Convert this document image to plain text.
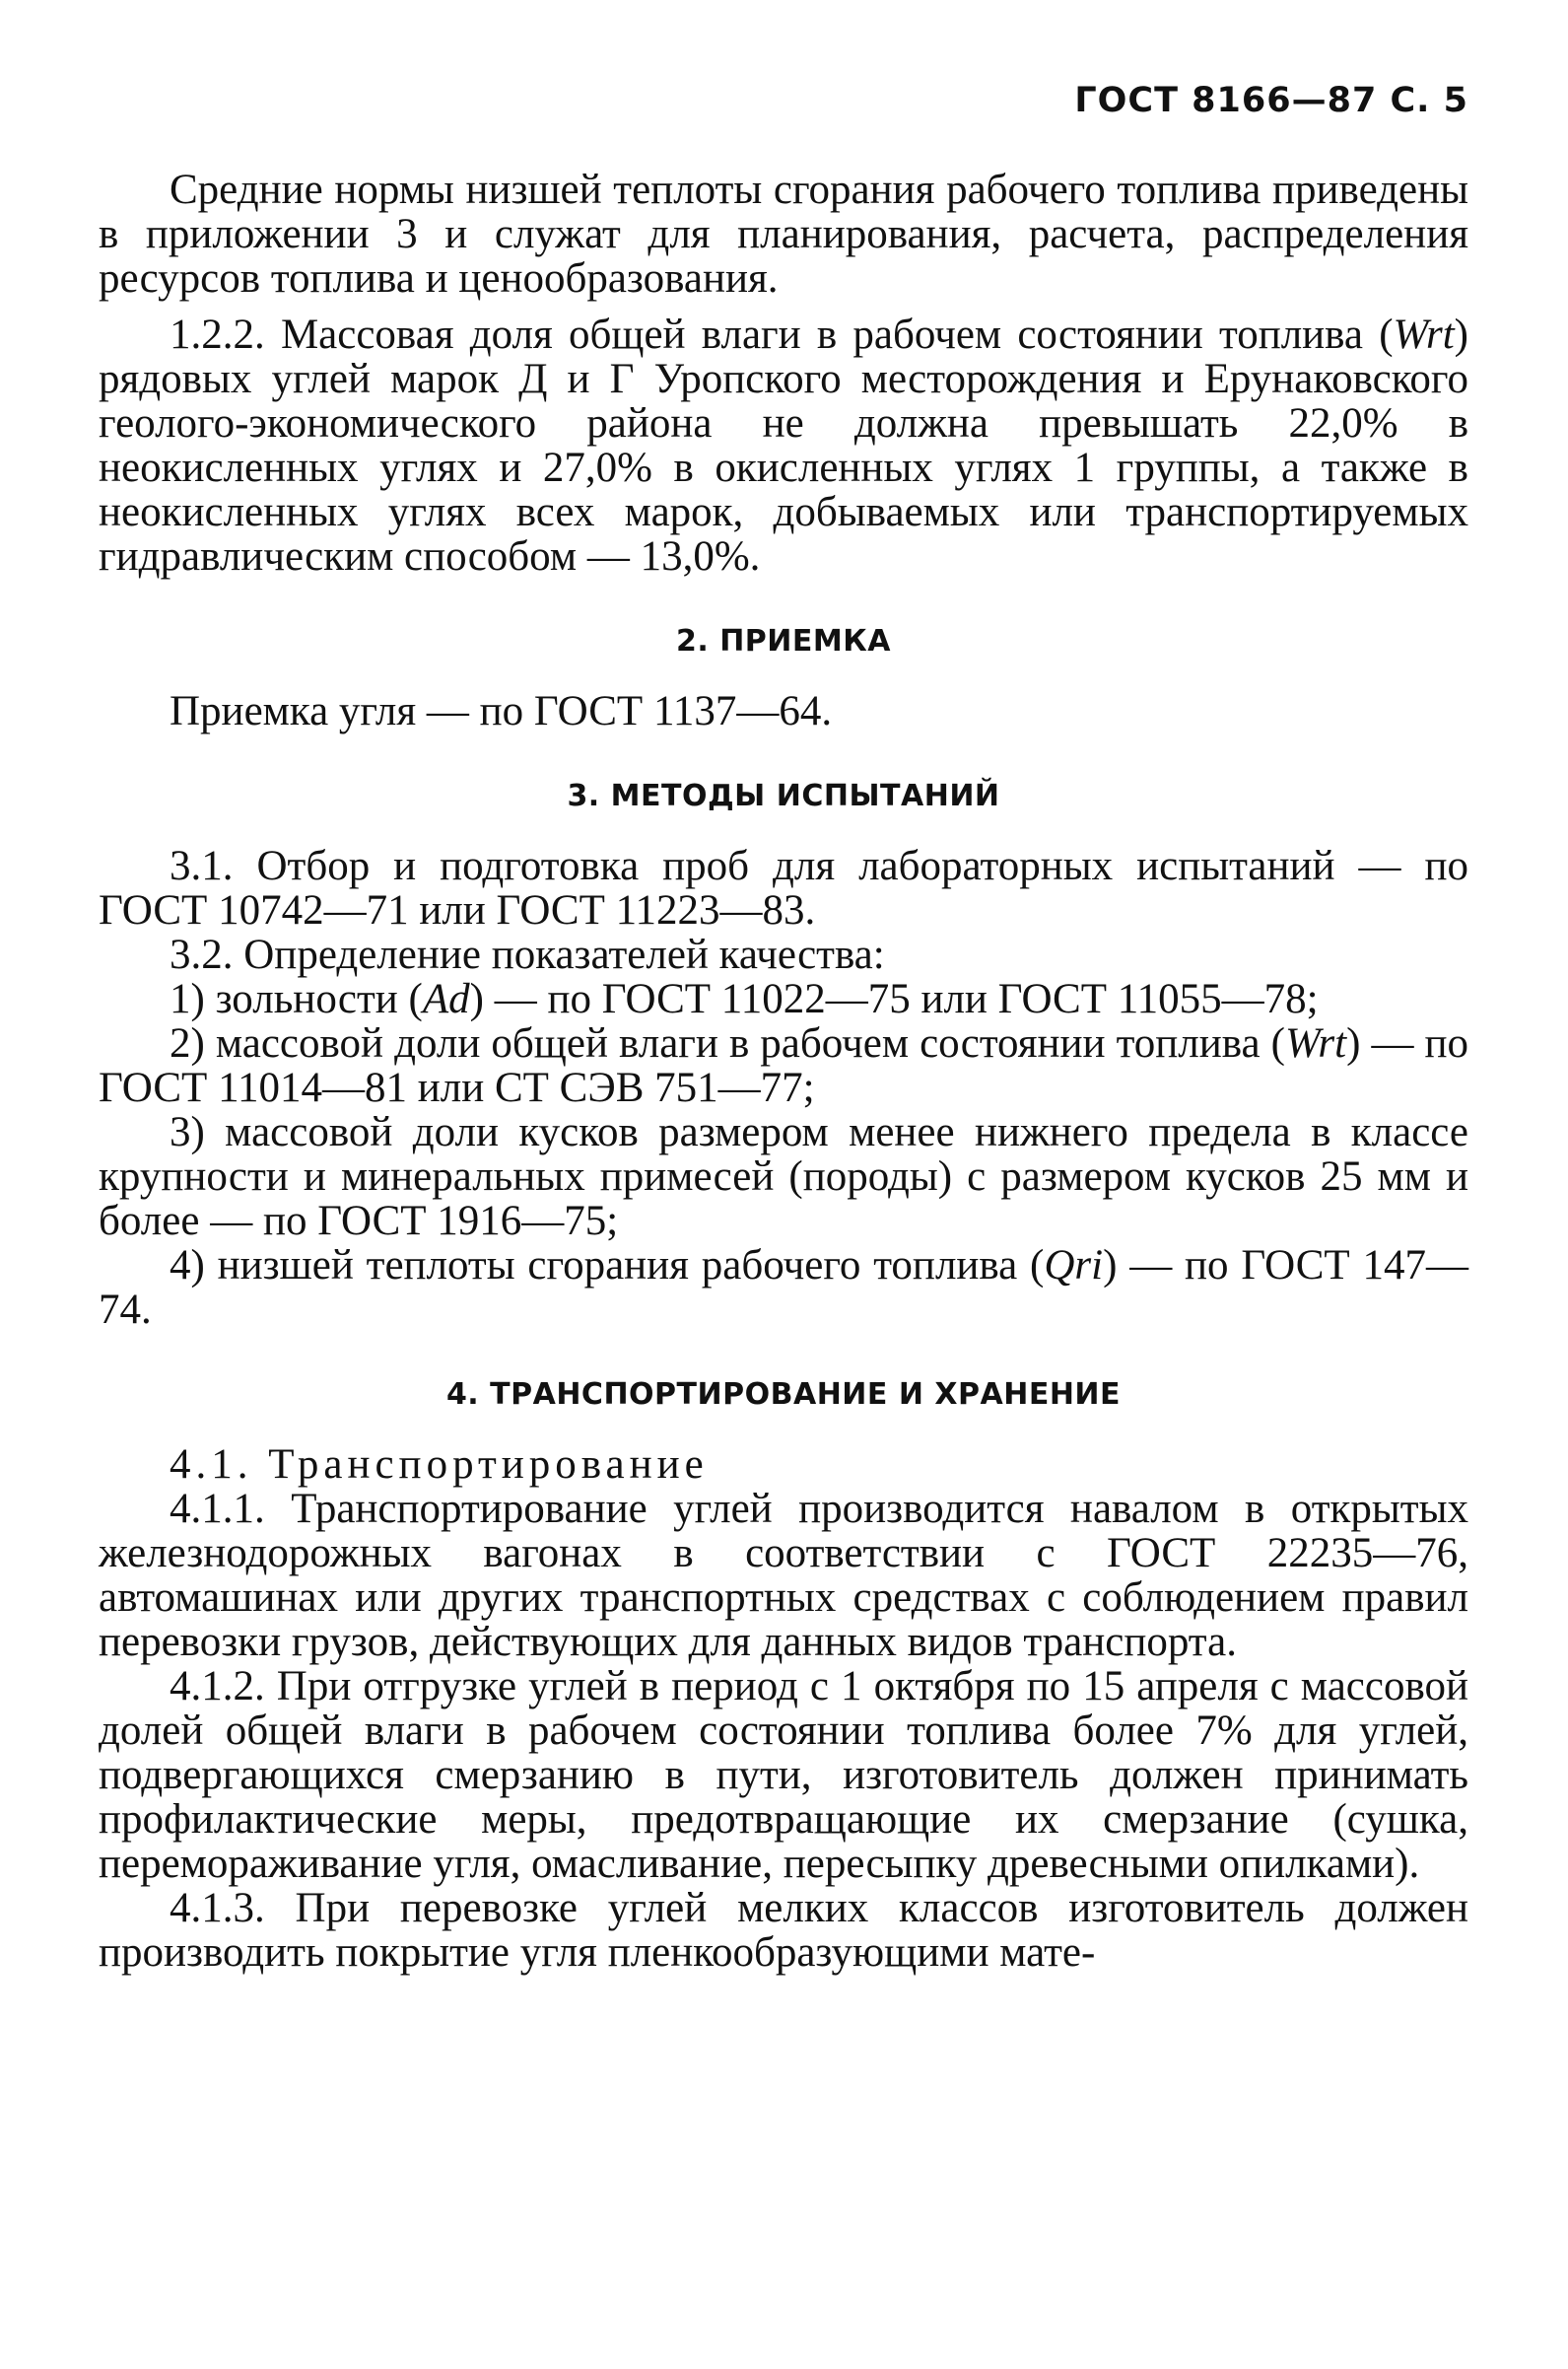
ГОСТ 8166—87 С. 5

Средние нормы низшей теплоты сгорания рабочего топлива приведены в приложении 3 и служат для планирования, расчета, распределения ресурсов топлива и ценообразования.

1.2.2. Массовая доля общей влаги в рабочем состоянии топлива (Wrt) рядовых углей марок Д и Г Уропского месторождения и Ерунаковского геолого-экономического района не должна превышать 22,0% в неокисленных углях и 27,0% в окисленных углях 1 группы, а также в неокисленных углях всех марок, добываемых или транспортируемых гидравлическим способом — 13,0%.

2. ПРИЕМКА

Приемка угля — по ГОСТ 1137—64.

3. МЕТОДЫ ИСПЫТАНИЙ

3.1. Отбор и подготовка проб для лабораторных испытаний — по ГОСТ 10742—71 или ГОСТ 11223—83.

3.2. Определение показателей качества:

1) зольности (Ad) — по ГОСТ 11022—75 или ГОСТ 11055—78;

2) массовой доли общей влаги в рабочем состоянии топлива (Wrt) — по ГОСТ 11014—81 или СТ СЭВ 751—77;

3) массовой доли кусков размером менее нижнего предела в классе крупности и минеральных примесей (породы) с размером кусков 25 мм и более — по ГОСТ 1916—75;

4) низшей теплоты сгорания рабочего топлива (Qri) — по ГОСТ 147—74.

4. ТРАНСПОРТИРОВАНИЕ И ХРАНЕНИЕ

4.1. Транспортирование

4.1.1. Транспортирование углей производится навалом в открытых железнодорожных вагонах в соответствии с ГОСТ 22235—76, автомашинах или других транспортных средствах с соблюдением правил перевозки грузов, действующих для данных видов транспорта.

4.1.2. При отгрузке углей в период с 1 октября по 15 апреля с массовой долей общей влаги в рабочем состоянии топлива более 7% для углей, подвергающихся смерзанию в пути, изготовитель должен принимать профилактические меры, предотвращающие их смерзание (сушка, перемораживание угля, омасливание, пересыпку древесными опилками).

4.1.3. При перевозке углей мелких классов изготовитель должен производить покрытие угля пленкообразующими мате-
